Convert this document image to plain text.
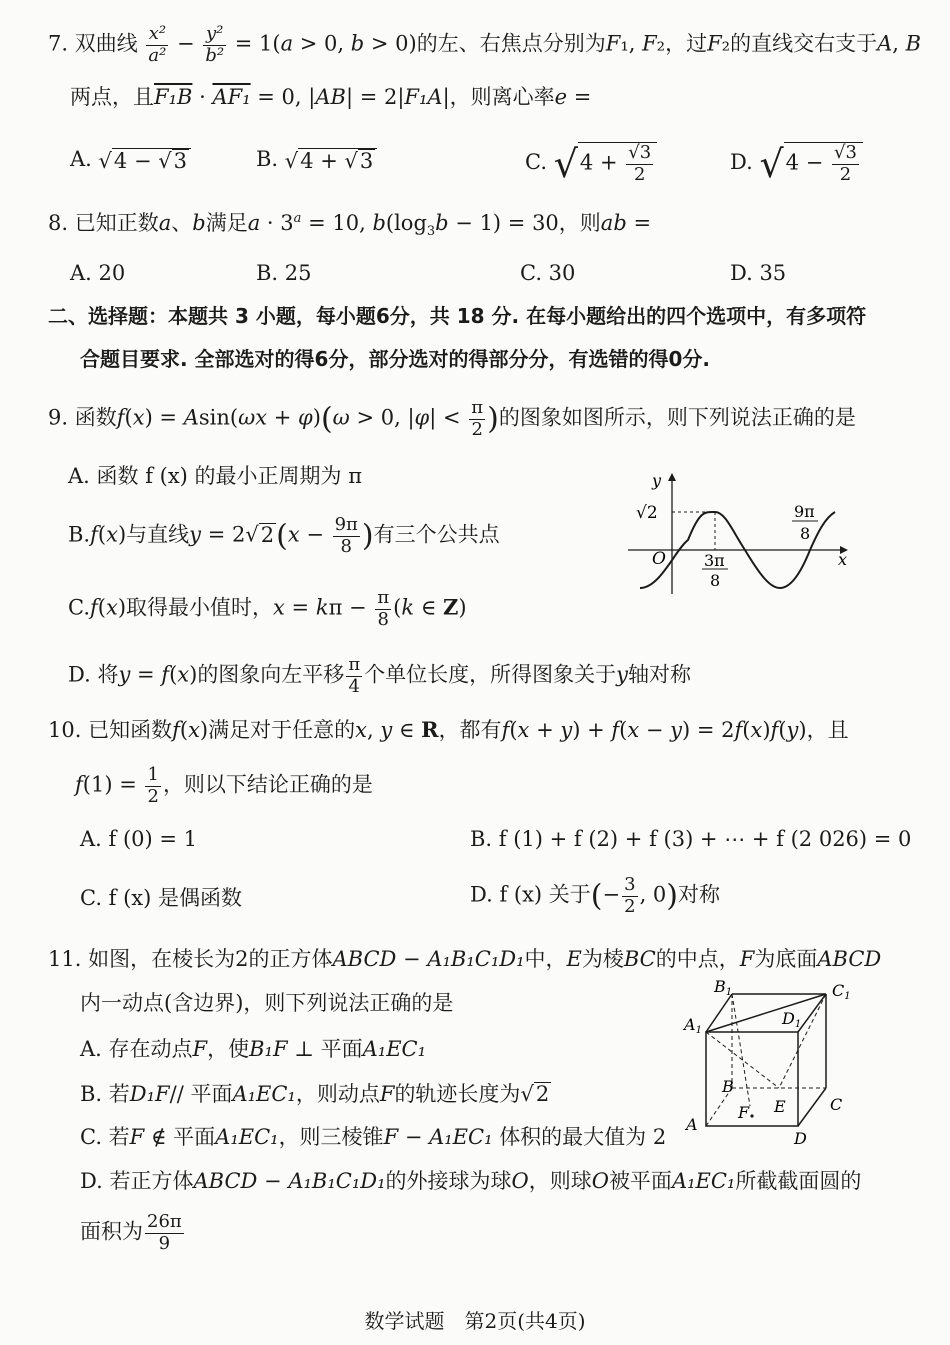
7. 双曲线 $\frac{\text{x²}}{\text{a²}} - \frac{\text{y²}}{\text{b²}} = 1(a > 0$, b > 0)的左、右焦点分别为F₁, F₂，过F₂的直线交右支于A, B
两点，且F₁B · AF₁ = 0, |AB| = 2|F₁A|，则离心率e =
A. √4 − √3	B. √4 + √3	C. $√4 + \frac{√3}{2}$	D. $√4 - \frac{√3}{2}$
8. 已知正数a、b满足$a \cdot 3^a = 10$, $b(\log_3b - 1) = 30$，则ab =
A. 20	B. 25	C. 30	D. 35
二、选择题：本题共 3 小题，每小题6分，共 18 分. 在每小题给出的四个选项中，有多项符
合题目要求. 全部选对的得6分，部分选对的得部分分，有选错的得0分.
9. 函数f(x) = Asin(ωx + φ)(ω > 0, $|\varphi| < \frac{\pi}{2}$ )的图象如图所示，则下列说法正确的是
A. 函数 f (x) 的最小正周期为 π
B.f(x)与直线$y = 2√2(x - \frac{9\pi}{8}$ )有三个公共点
C.f(x)取得最小值时，$x = k\pi - \frac{\pi}{8} (k$ ∈ Z)
D. 将y = f(x)的图象向左平移 $\frac{\pi}{4}$ 个单位长度，所得图象关于y轴对称
y
x
O
√2
3π
8
9π
8
10. 已知函数f(x)满足对于任意的x, y ∈ R，都有f(x + y) + f(x − y) = 2f(x)f(y)，且
$f(1) = \frac{1}{2}$ ，则以下结论正确的是
A. f (0) = 1	B. f (1) + f (2) + f (3) + ⋯ + f (2 026) = 0
C. f (x) 是偶函数	D. f (x) 关于(− $\frac{3}{2}$ , 0)对称
11. 如图，在棱长为2的正方体ABCD − A₁B₁C₁D₁中，E为棱BC的中点，F为底面ABCD
内一动点(含边界)，则下列说法正确的是
A. 存在动点F，使B₁F ⊥ 平面A₁EC₁
B. 若D₁F// 平面A₁EC₁，则动点F的轨迹长度为√2
C. 若F ∉ 平面A₁EC₁，则三棱锥F − A₁EC₁ 体积的最大值为 2
D. 若正方体ABCD − A₁B₁C₁D₁的外接球为球O，则球O被平面A₁EC₁所截截面圆的
面积为 $\frac{26\pi}{9}$
B1	C1
A1
D1
B
A
D
C
E
F
数学试题　第2页(共4页)
